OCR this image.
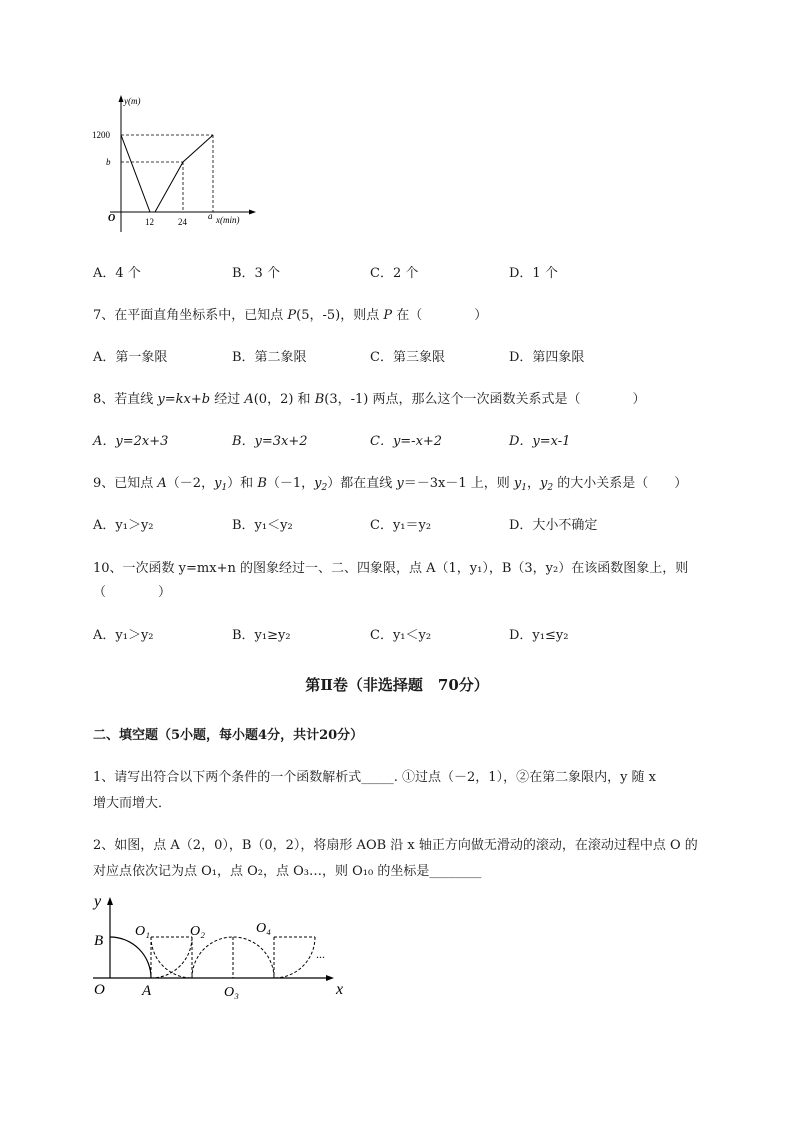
y(m)
1200
b
O	12	24
a x(min)
A．4 个	B．3 个	C．2 个	D．1 个
7、在平面直角坐标系中，已知点 P(5，-5)，则点 P 在（　　　　）
A．第一象限	B．第二象限	C．第三象限	D．第四象限
8、若直线 y=kx+b 经过 A(0，2) 和 B(3，-1) 两点，那么这个一次函数关系式是（　　　　）
A．y=2x+3	B．y=3x+2	C．y=-x+2	D．y=x-1
9、已知点 A（－2，$y_1$）和 B（－1，$y_2$）都在直线 y＝－3x－1 上，则 $y_1$，$y_2$ 的大小关系是（　　）
A．y₁＞y₂	B．y₁＜y₂	C．y₁＝y₂	D．大小不确定
10、一次函数 y=mx+n 的图象经过一、二、四象限，点 A（1，y₁），B（3，y₂）在该函数图象上，则
（　　　　）
A．y₁＞y₂	B．y₁≥y₂	C．y₁＜y₂	D．y₁≤y₂
第Ⅱ卷（非选择题　70分）
二、填空题（5小题，每小题4分，共计20分）
1、请写出符合以下两个条件的一个函数解析式_____. ①过点（－2，1），②在第二象限内，y 随 x
增大而增大．
2、如图，点 A（2，0），B（0，2），将扇形 AOB 沿 x 轴正方向做无滑动的滚动，在滚动过程中点 O 的
对应点依次记为点 O₁，点 O₂，点 O₃…，则 O₁₀ 的坐标是________
y
x
O A
B
O₁	O₂
O₃
O₄
...
